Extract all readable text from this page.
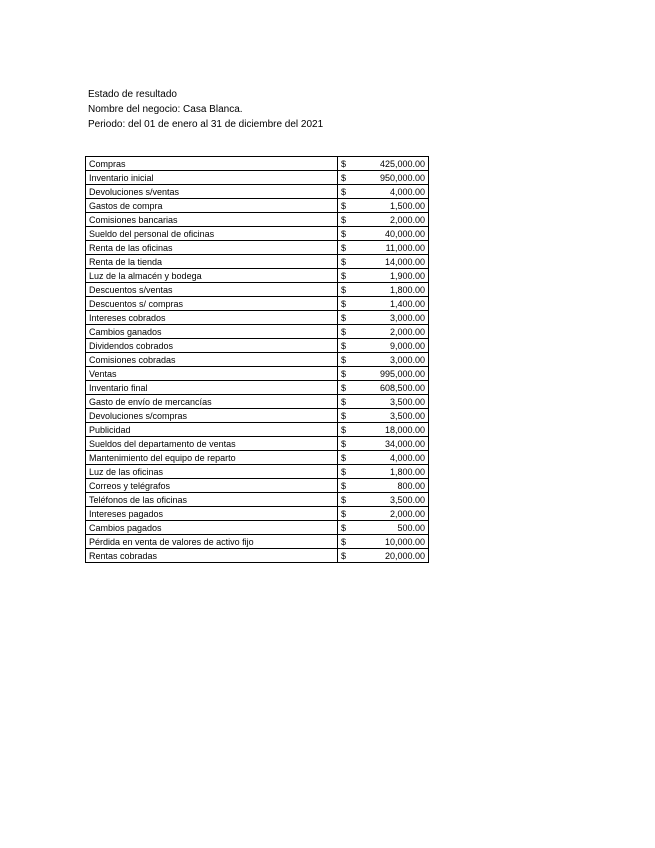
Estado de resultado
Nombre del negocio: Casa Blanca.
Periodo: del 01 de enero al 31 de diciembre del 2021
Compras	$ 425,000.00

Inventario inicial	$ 950,000.00

Devoluciones s/ventas	$ 4,000.00

Gastos de compra	$ 1,500.00

Comisiones bancarias	$ 2,000.00

Sueldo del personal de oficinas	$ 40,000.00

Renta de las oficinas	$ 11,000.00

Renta de la tienda	$ 14,000.00

Luz de la almacén y bodega	$ 1,900.00

Descuentos s/ventas	$ 1,800.00

Descuentos s/ compras	$ 1,400.00

Intereses cobrados	$ 3,000.00

Cambios ganados	$ 2,000.00

Dividendos cobrados	$ 9,000.00

Comisiones cobradas	$ 3,000.00

Ventas	$ 995,000.00

Inventario final	$ 608,500.00

Gasto de envío de mercancías	$ 3,500.00

Devoluciones s/compras	$ 3,500.00

Publicidad	$ 18,000.00

Sueldos del departamento de ventas	$ 34,000.00

Mantenimiento del equipo de reparto	$ 4,000.00

Luz de las oficinas	$ 1,800.00

Correos y telégrafos	$ 800.00

Teléfonos de las oficinas	$ 3,500.00

Intereses pagados	$ 2,000.00

Cambios pagados	$ 500.00

Pérdida en venta de valores de activo fijo	$ 10,000.00

Rentas cobradas	$ 20,000.00
